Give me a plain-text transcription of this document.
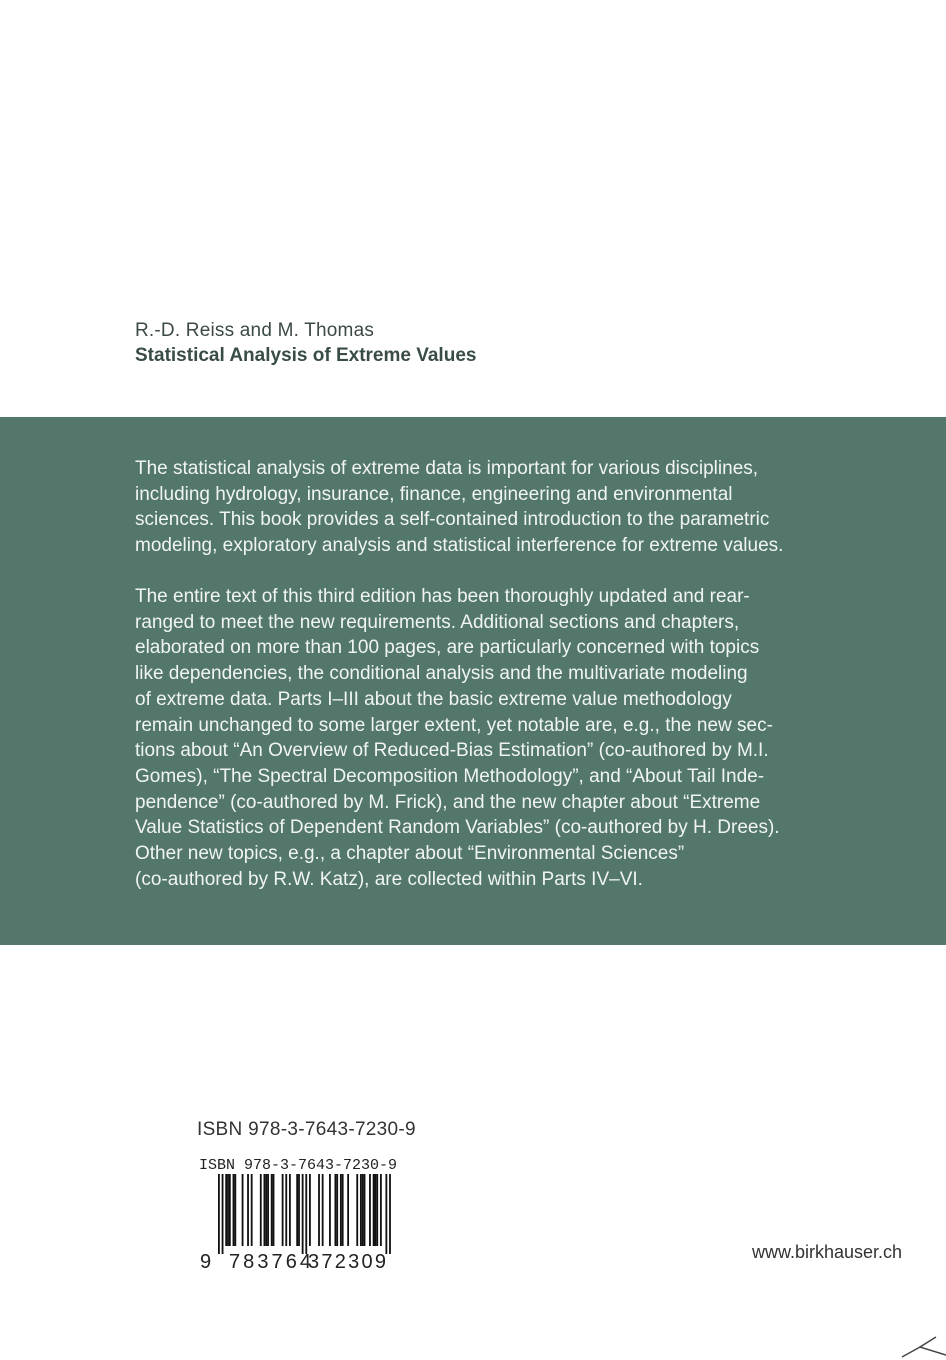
R.-D. Reiss and M. Thomas
Statistical Analysis of Extreme Values

The statistical analysis of extreme data is important for various disciplines,
including hydrology, insurance, finance, engineering and environmental
sciences. This book provides a self-contained introduction to the parametric
modeling, exploratory analysis and statistical interference for extreme values.

The entire text of this third edition has been thoroughly updated and rear-
ranged to meet the new requirements. Additional sections and chapters,
elaborated on more than 100 pages, are particularly concerned with topics
like dependencies, the conditional analysis and the multivariate modeling
of extreme data. Parts I–III about the basic extreme value methodology
remain unchanged to some larger extent, yet notable are, e.g., the new sec-
tions about “An Overview of Reduced-Bias Estimation” (co-authored by M.I.
Gomes), “The Spectral Decomposition Methodology”, and “About Tail Inde-
pendence” (co-authored by M. Frick), and the new chapter about “Extreme
Value Statistics of Dependent Random Variables” (co-authored by H. Drees).
Other new topics, e.g., a chapter about “Environmental Sciences”
(co-authored by R.W. Katz), are collected within Parts IV–VI.

ISBN 978-3-7643-7230-9
ISBN 978-3-7643-7230-9
9 783764
372309	www.birkhauser.ch
